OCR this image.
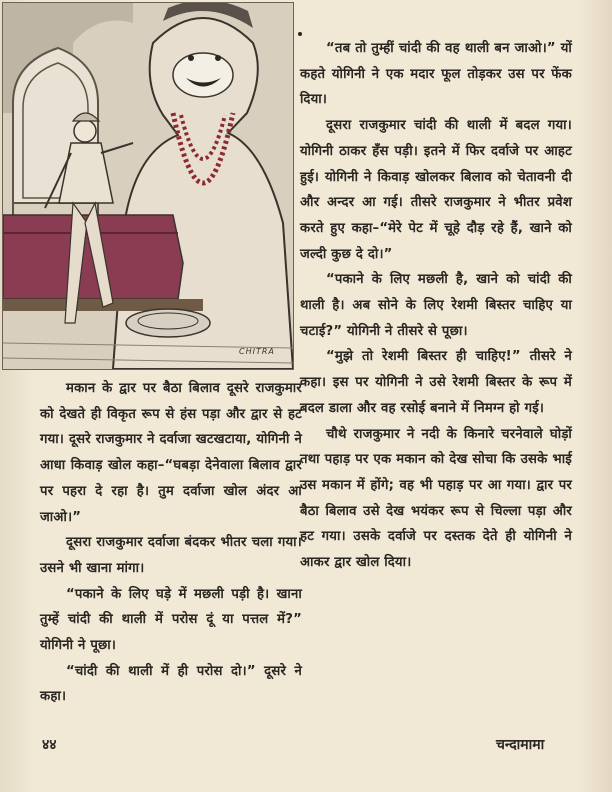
CHITRA

“तब तो तुम्हीं चांदी की वह थाली बन जाओ।” यों कहते योगिनी ने एक मदार फूल तोड़कर उस पर फेंक दिया।

दूसरा राजकुमार चांदी की थाली में बदल गया। योगिनी ठाकर हँस पड़ी। इतने में फिर दर्वाजे पर आहट हुई। योगिनी ने किवाड़ खोलकर बिलाव को चेतावनी दी और अन्दर आ गई। तीसरे राजकुमार ने भीतर प्रवेश करते हुए कहा–“मेरे पेट में चूहे दौड़ रहे हैं, खाने को जल्दी कुछ दे दो।”

“पकाने के लिए मछली है, खाने को चांदी की थाली है। अब सोने के लिए रेशमी बिस्तर चाहिए या चटाई?” योगिनी ने तीसरे से पूछा।

“मुझे तो रेशमी बिस्तर ही चाहिए!” तीसरे ने कहा। इस पर योगिनी ने उसे रेशमी बिस्तर के रूप में बदल डाला और वह रसोई बनाने में निमग्न हो गई।

चौथे राजकुमार ने नदी के किनारे चरनेवाले घोड़ों तथा पहाड़ पर एक मकान को देख सोचा कि उसके भाई उस मकान में होंगे; वह भी पहाड़ पर आ गया। द्वार पर बैठा बिलाव उसे देख भयंकर रूप से चिल्ला पड़ा और हट गया। उसके दर्वाजे पर दस्तक देते ही योगिनी ने आकर द्वार खोल दिया।

मकान के द्वार पर बैठा बिलाव दूसरे राजकुमार को देखते ही विकृत रूप से हंस पड़ा और द्वार से हट गया। दूसरे राजकुमार ने दर्वाजा खटखटाया, योगिनी ने आधा किवाड़ खोल कहा–“घबड़ा देनेवाला बिलाव द्वार पर पहरा दे रहा है। तुम दर्वाजा खोल अंदर आ जाओ।”

दूसरा राजकुमार दर्वाजा बंदकर भीतर चला गया। उसने भी खाना मांगा।

“पकाने के लिए घड़े में मछली पड़ी है। खाना तुम्हें चांदी की थाली में परोस दूं या पत्तल में?” योगिनी ने पूछा।

“चांदी की थाली में ही परोस दो।” दूसरे ने कहा।

४४	चन्दामामा
